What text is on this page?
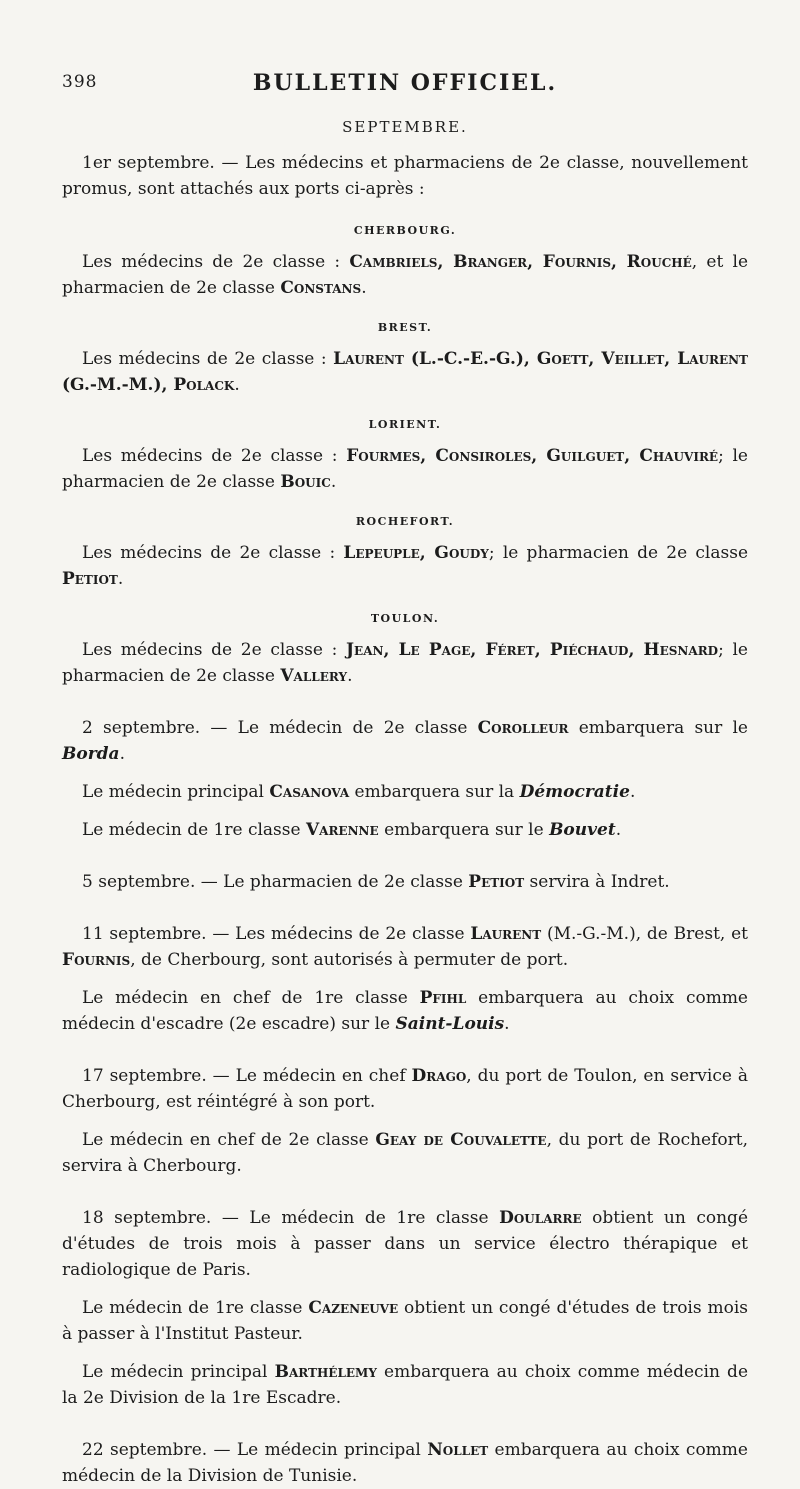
398	BULLETIN OFFICIEL.
SEPTEMBRE.

1er septembre. — Les médecins et pharmaciens de 2e classe, nouvellement promus, sont attachés aux ports ci-après :

CHERBOURG.

Les médecins de 2e classe : Cambriels, Branger, Fournis, Rouché, et le pharmacien de 2e classe Constans.

BREST.

Les médecins de 2e classe : Laurent (L.-C.-E.-G.), Goett, Veillet, Laurent (G.-M.-M.), Polack.

LORIENT.

Les médecins de 2e classe : Fourmes, Consiroles, Guilguet, Chauviré; le pharmacien de 2e classe Bouic.

ROCHEFORT.

Les médecins de 2e classe : Lepeuple, Goudy; le pharmacien de 2e classe Petiot.

TOULON.

Les médecins de 2e classe : Jean, Le Page, Féret, Piéchaud, Hesnard; le pharmacien de 2e classe Vallery.

2 septembre. — Le médecin de 2e classe Corolleur embarquera sur le Borda.

Le médecin principal Casanova embarquera sur la Démocratie.

Le médecin de 1re classe Varenne embarquera sur le Bouvet.

5 septembre. — Le pharmacien de 2e classe Petiot servira à Indret.

11 septembre. — Les médecins de 2e classe Laurent (M.-G.-M.), de Brest, et Fournis, de Cherbourg, sont autorisés à permuter de port.

Le médecin en chef de 1re classe Pfihl embarquera au choix comme médecin d'escadre (2e escadre) sur le Saint-Louis.

17 septembre. — Le médecin en chef Drago, du port de Toulon, en service à Cherbourg, est réintégré à son port.

Le médecin en chef de 2e classe Geay de Couvalette, du port de Rochefort, servira à Cherbourg.

18 septembre. — Le médecin de 1re classe Doularre obtient un congé d'études de trois mois à passer dans un service électro thérapique et radiologique de Paris.

Le médecin de 1re classe Cazeneuve obtient un congé d'études de trois mois à passer à l'Institut Pasteur.

Le médecin principal Barthélemy embarquera au choix comme médecin de la 2e Division de la 1re Escadre.

22 septembre. — Le médecin principal Nollet embarquera au choix comme médecin de la Division de Tunisie.
